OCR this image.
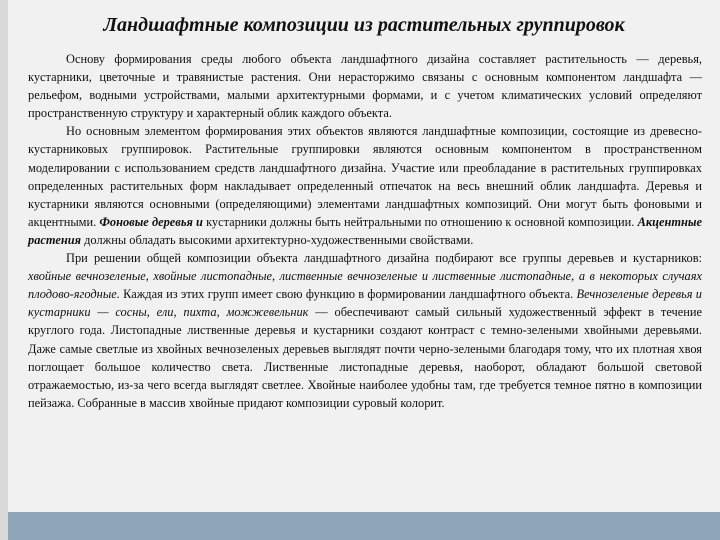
Ландшафтные композиции из растительных группировок

Основу формирования среды любого объекта ландшафтного дизайна составляет растительность — деревья, кустарники, цветочные и травянистые растения. Они нерасторжимо связаны с основным компонентом ландшафта — рельефом, водными устройствами, малыми архитектурными формами, и с учетом климатических условий определяют пространственную структуру и характерный облик каждого объекта.

Но основным элементом формирования этих объектов являются ландшафтные композиции, состоящие из древесно-кустарниковых группировок. Растительные группировки являются основным компонентом в пространственном моделировании с использованием средств ландшафтного дизайна. Участие или преобладание в растительных группировках определенных растительных форм накладывает определенный отпечаток на весь внешний облик ландшафта. Деревья и кустарники являются основными (определяющими) элементами ландшафтных композиций. Они могут быть фоновыми и акцентными. Фоновые деревья и кустарники должны быть нейтральными по отношению к основной композиции. Акцентные растения должны обладать высокими архитектурно-художественными свойствами.

При решении общей композиции объекта ландшафтного дизайна подбирают все группы деревьев и кустарников: хвойные вечнозеленые, хвойные листопадные, лиственные вечнозеленые и лиственные листопадные, а в некоторых случаях плодово-ягодные. Каждая из этих групп имеет свою функцию в формировании ландшафтного объекта. Вечнозеленые деревья и кустарники — сосны, ели, пихта, можжевельник — обеспечивают самый сильный художественный эффект в течение круглого года. Листопадные лиственные деревья и кустарники создают контраст с темно-зелеными хвойными деревьями. Даже самые светлые из хвойных вечнозеленых деревьев выглядят почти черно-зелеными благодаря тому, что их плотная хвоя поглощает большое количество света. Лиственные листопадные деревья, наоборот, обладают большой световой отражаемостью, из-за чего всегда выглядят светлее. Хвойные наиболее удобны там, где требуется темное пятно в композиции пейзажа. Собранные в массив хвойные придают композиции суровый колорит.
